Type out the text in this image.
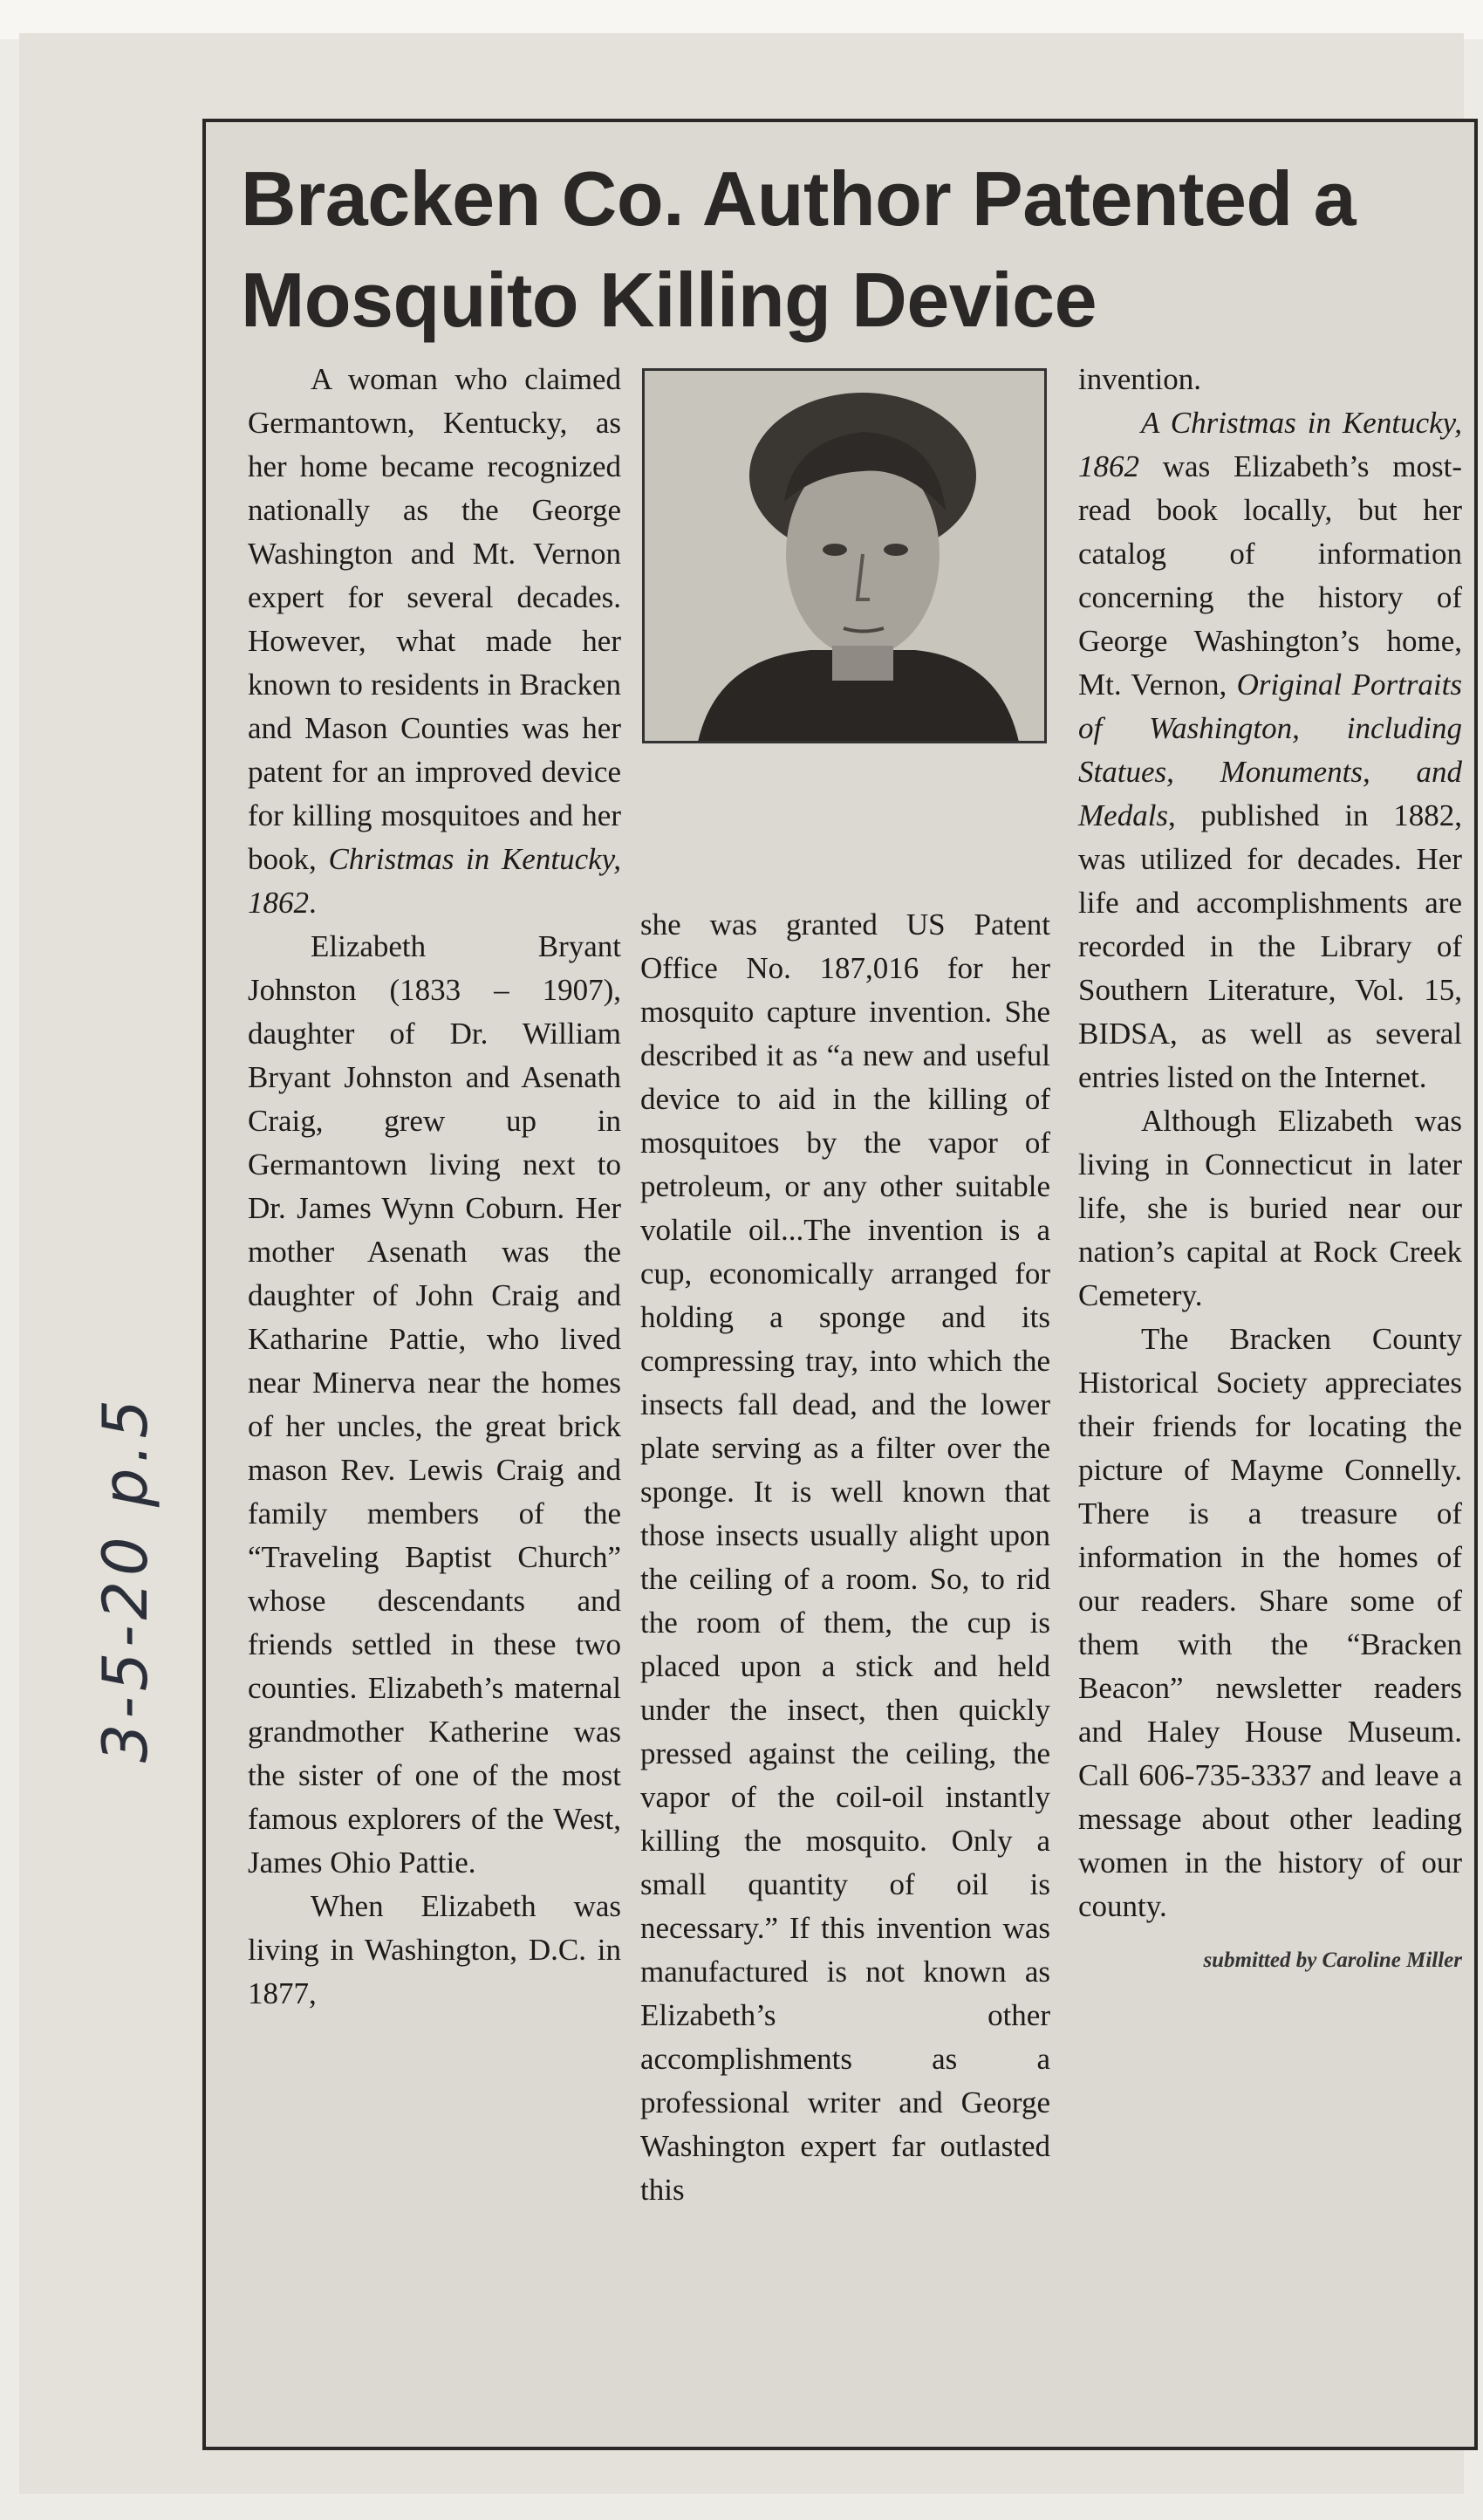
3-5-20 p.5
Bracken Co. Author Patented a Mosquito Killing Device

A woman who claimed Germantown, Kentucky, as her home became recognized nationally as the George Washington and Mt. Vernon expert for several decades. However, what made her known to residents in Bracken and Mason Counties was her patent for an improved device for killing mosquitoes and her book, Christmas in Kentucky, 1862.

Elizabeth Bryant Johnston (1833 – 1907), daughter of Dr. William Bryant Johnston and Asenath Craig, grew up in Germantown living next to Dr. James Wynn Coburn. Her mother Asenath was the daughter of John Craig and Katharine Pattie, who lived near Minerva near the homes of her uncles, the great brick mason Rev. Lewis Craig and family members of the “Traveling Baptist Church” whose descendants and friends settled in these two counties. Elizabeth’s maternal grandmother Katherine was the sister of one of the most famous explorers of the West, James Ohio Pattie.

When Elizabeth was living in Washington, D.C. in 1877,

she was granted US Patent Office No. 187,016 for her mosquito capture invention. She described it as “a new and useful device to aid in the killing of mosquitoes by the vapor of petroleum, or any other suitable volatile oil...The invention is a cup, economically arranged for holding a sponge and its compressing tray, into which the insects fall dead, and the lower plate serving as a filter over the sponge. It is well known that those insects usually alight upon the ceiling of a room. So, to rid the room of them, the cup is placed upon a stick and held under the insect, then quickly pressed against the ceiling, the vapor of the coil-oil instantly killing the mosquito. Only a small quantity of oil is necessary.” If this invention was manufactured is not known as Elizabeth’s other accomplishments as a professional writer and George Washington expert far outlasted this

invention.

A Christmas in Kentucky, 1862 was Elizabeth’s most-read book locally, but her catalog of information concerning the history of George Washington’s home, Mt. Vernon, Original Portraits of Washington, including Statues, Monuments, and Medals, published in 1882, was utilized for decades. Her life and accomplishments are recorded in the Library of Southern Literature, Vol. 15, BIDSA, as well as several entries listed on the Internet.

Although Elizabeth was living in Connecticut in later life, she is buried near our nation’s capital at Rock Creek Cemetery.

The Bracken County Historical Society appreciates their friends for locating the picture of Mayme Connelly. There is a treasure of information in the homes of our readers. Share some of them with the “Bracken Beacon” newsletter readers and Haley House Museum. Call 606-735-3337 and leave a message about other leading women in the history of our county.

submitted by Caroline Miller
